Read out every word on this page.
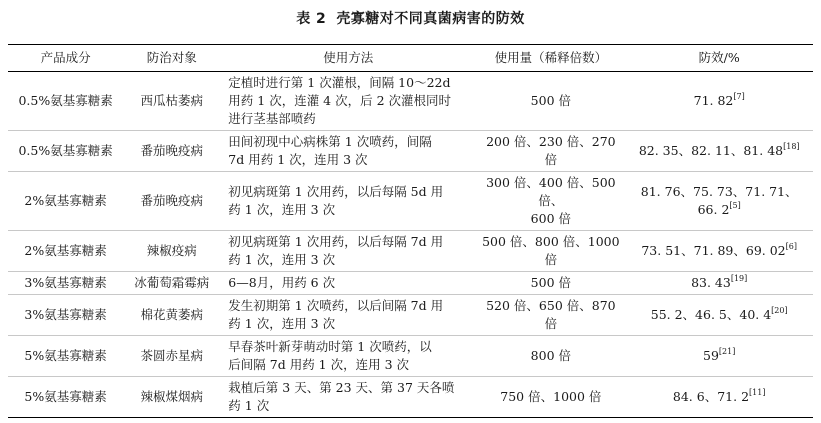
表 2 壳寡糖对不同真菌病害的防效
产品成分	防治对象	使用方法	使用量（稀释倍数）	防效/%
0.5%氨基寡糖素	西瓜枯萎病	定植时进行第 1 次灌根，间隔 10～22d
用药 1 次，连灌 4 次，后 2 次灌根同时
进行茎基部喷药	500 倍	71. 82[7]
0.5%氨基寡糖素	番茄晚疫病	田间初现中心病株第 1 次喷药，间隔
7d 用药 1 次，连用 3 次	200 倍、230 倍、270 倍	82. 35、82. 11、81. 48[18]
2%氨基寡糖素	番茄晚疫病	初见病斑第 1 次用药，以后每隔 5d 用
药 1 次，连用 3 次	300 倍、400 倍、500 倍、
600 倍	81. 76、75. 73、71. 71、
66. 2[5]
2%氨基寡糖素	辣椒疫病	初见病斑第 1 次用药，以后每隔 7d 用
药 1 次，连用 3 次	500 倍、800 倍、1000 倍	73. 51、71. 89、69. 02[6]
3%氨基寡糖素	冰葡萄霜霉病	6—8月，用药 6 次	500 倍	83. 43[19]
3%氨基寡糖素	棉花黄萎病	发生初期第 1 次喷药，以后间隔 7d 用
药 1 次，连用 3 次	520 倍、650 倍、870 倍	55. 2、46. 5、40. 4[20]
5%氨基寡糖素	茶圆赤星病	早春茶叶新芽萌动时第 1 次喷药，以
后间隔 7d 用药 1 次，连用 3 次	800 倍	59[21]
5%氨基寡糖素	辣椒煤烟病	栽植后第 3 天、第 23 天、第 37 天各喷
药 1 次	750 倍、1000 倍	84. 6、71. 2[11]
